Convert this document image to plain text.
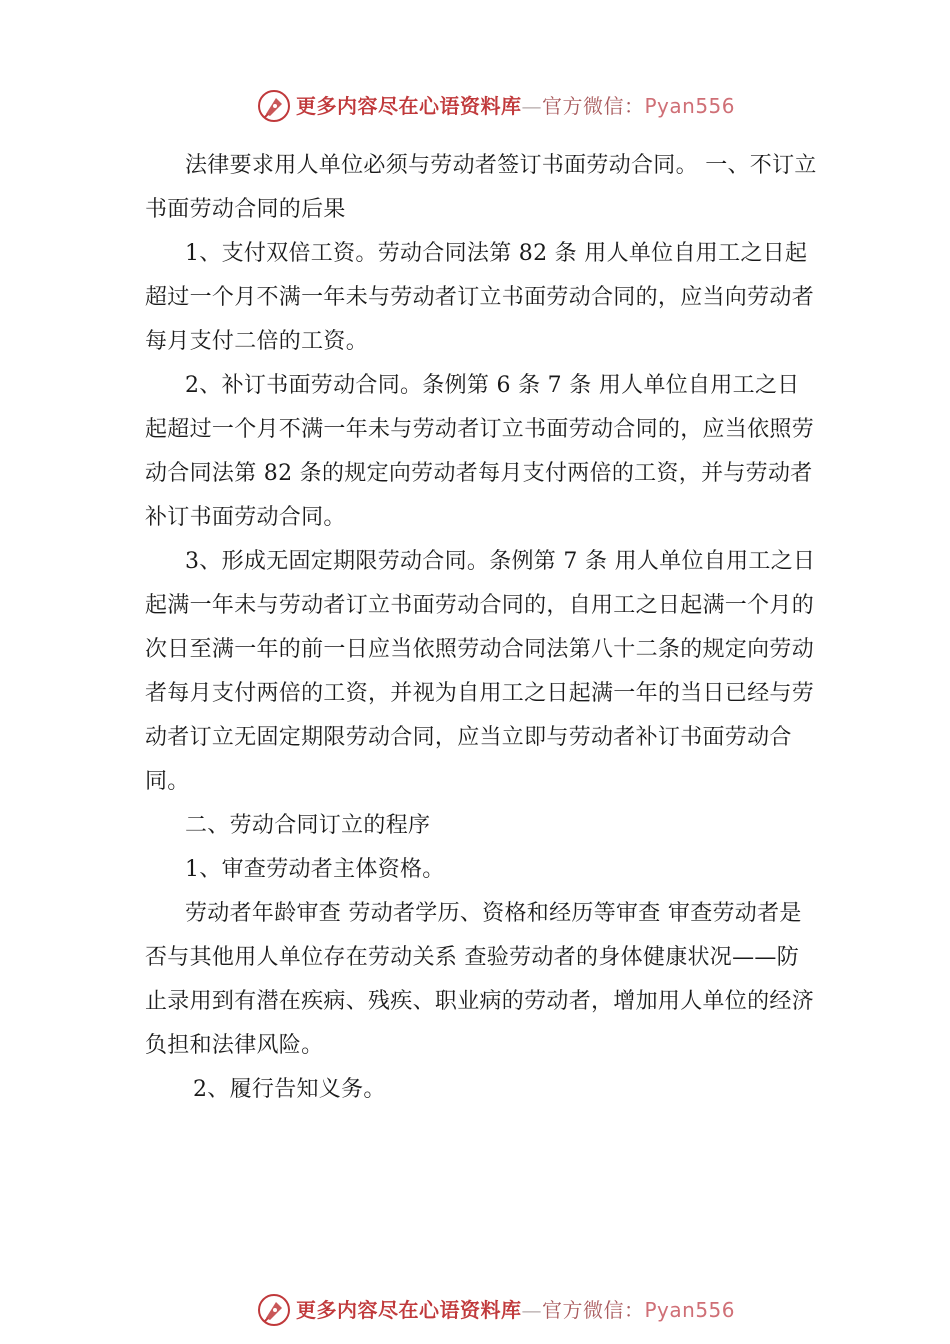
更多内容尽在心语资料库—官方微信：Pyan556

法律要求用人单位必须与劳动者签订书面劳动合同。 一、不订立书面劳动合同的后果

1、支付双倍工资。劳动合同法第 82 条 用人单位自用工之日起超过一个月不满一年未与劳动者订立书面劳动合同的，应当向劳动者每月支付二倍的工资。

2、补订书面劳动合同。条例第 6 条 7 条 用人单位自用工之日起超过一个月不满一年未与劳动者订立书面劳动合同的，应当依照劳动合同法第 82 条的规定向劳动者每月支付两倍的工资，并与劳动者补订书面劳动合同。

3、形成无固定期限劳动合同。条例第 7 条 用人单位自用工之日起满一年未与劳动者订立书面劳动合同的，自用工之日起满一个月的次日至满一年的前一日应当依照劳动合同法第八十二条的规定向劳动者每月支付两倍的工资，并视为自用工之日起满一年的当日已经与劳动者订立无固定期限劳动合同，应当立即与劳动者补订书面劳动合同。

二、劳动合同订立的程序

1、审查劳动者主体资格。

劳动者年龄审查 劳动者学历、资格和经历等审查 审查劳动者是否与其他用人单位存在劳动关系 查验劳动者的身体健康状况——防止录用到有潜在疾病、残疾、职业病的劳动者，增加用人单位的经济负担和法律风险。

2、履行告知义务。

更多内容尽在心语资料库—官方微信：Pyan556
